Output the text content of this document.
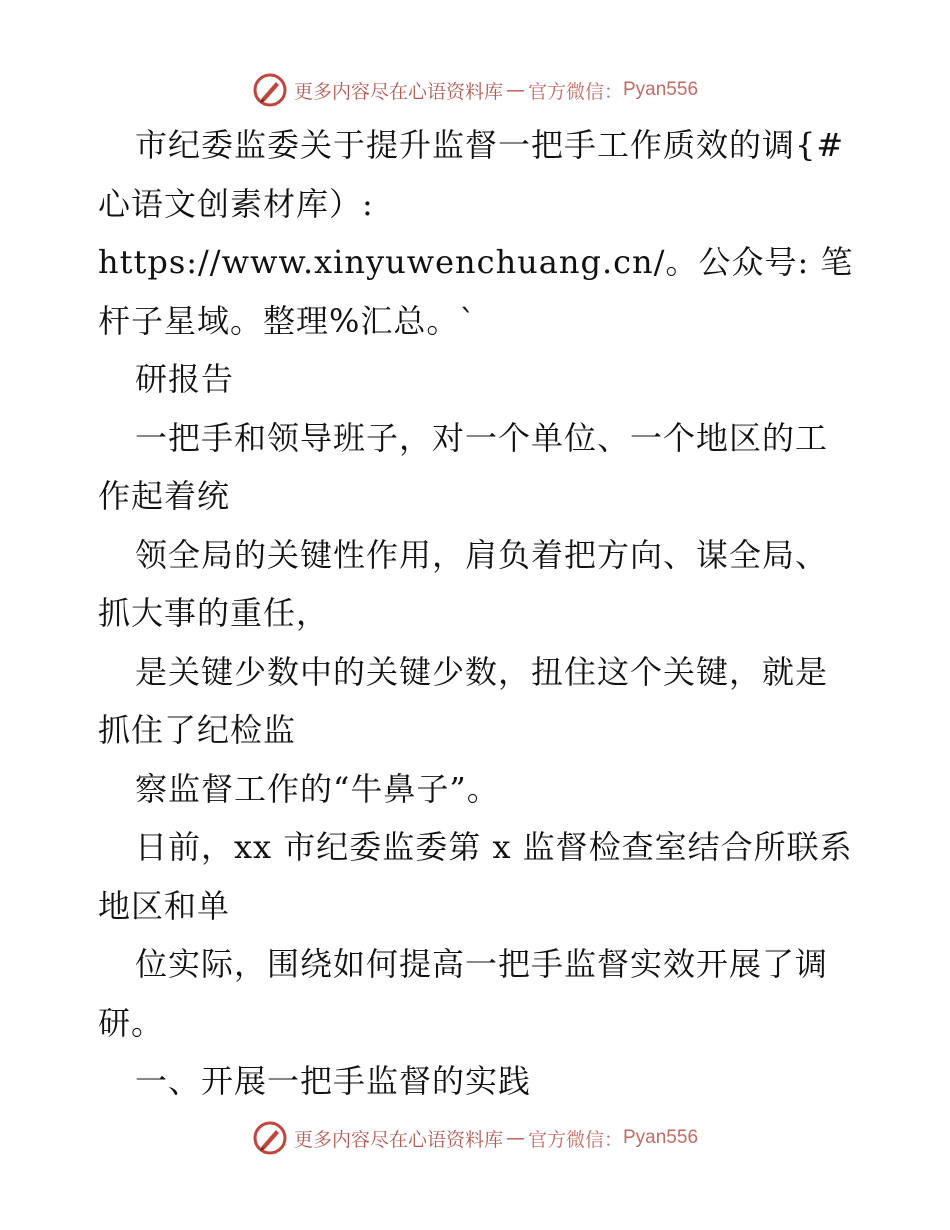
更多内容尽在心语资料库 — 官方微信： Pyan556

市纪委监委关于提升监督一把手工作质效的调{#心语文创素材库）: https://www.xinyuwenchuang.cn/。公众号: 笔杆子星域。整理%汇总。`

研报告

一把手和领导班子，对一个单位、一个地区的工作起着统

领全局的关键性作用，肩负着把方向、谋全局、抓大事的重任，

是关键少数中的关键少数，扭住这个关键，就是抓住了纪检监

察监督工作的“牛鼻子”。

日前，xx 市纪委监委第 x 监督检查室结合所联系地区和单

位实际，围绕如何提高一把手监督实效开展了调研。

一、开展一把手监督的实践

更多内容尽在心语资料库 — 官方微信： Pyan556
